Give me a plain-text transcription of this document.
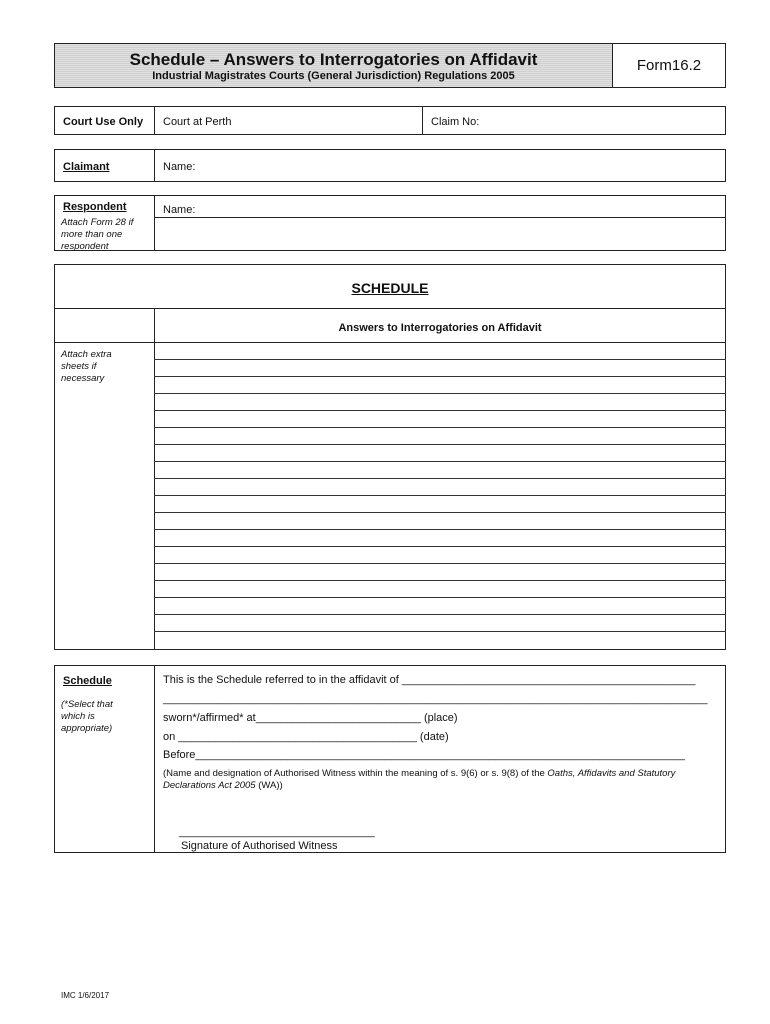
Schedule – Answers to Interrogatories on Affidavit
Industrial Magistrates Courts (General Jurisdiction) Regulations 2005
Form16.2
Court Use Only Court at Perth	Claim No:
Claimant	Name:
Respondent
Attach Form 28 if more than one respondent
Name:
SCHEDULE
Answers to Interrogatories on Affidavit
Attach extra sheets if necessary
Schedule
(*Select that which is appropriate)
This is the Schedule referred to in the affidavit of ________________________________________________
_________________________________________________________________________________________
sworn*/affirmed* at___________________________ (place)
on _______________________________________ (date)
Before________________________________________________________________________________
(Name and designation of Authorised Witness within the meaning of s. 9(6) or s. 9(8) of the Oaths, Affidavits and Statutory Declarations Act 2005 (WA))
________________________________
Signature of Authorised Witness
IMC 1/6/2017
